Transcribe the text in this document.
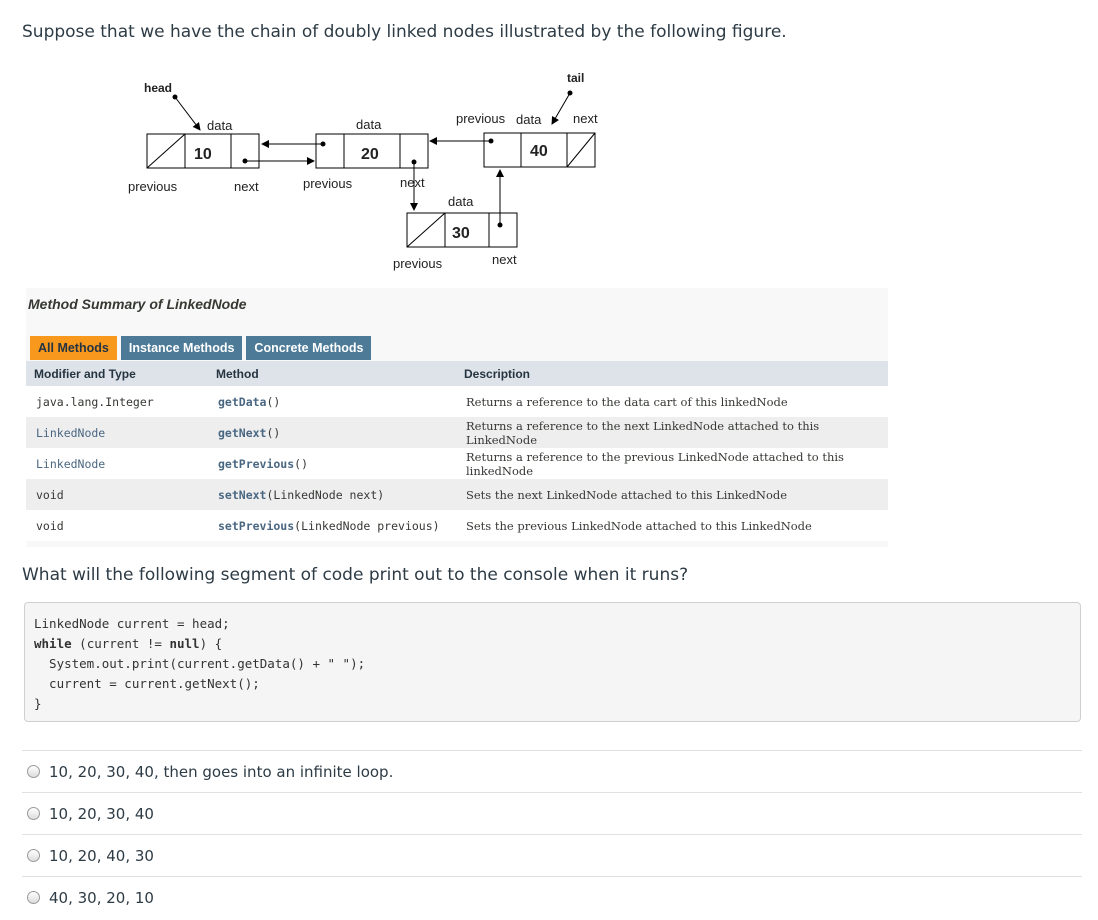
Suppose that we have the chain of doubly linked nodes illustrated by the following figure.
head
10
data
previous	next
20
data
previous	next
30
data
previous	next
40
previous data next
tail
Method Summary of LinkedNode
All Methods	Instance Methods	Concrete Methods
Modifier and Type	Method	Description
java.lang.Integer	getData()	Returns a reference to the data cart of this linkedNode
LinkedNode	getNext()	Returns a reference to the next LinkedNode attached to this LinkedNode
LinkedNode	getPrevious()	Returns a reference to the previous LinkedNode attached to this linkedNode
void	setNext(LinkedNode next)	Sets the next LinkedNode attached to this LinkedNode
void	setPrevious(LinkedNode previous)	Sets the previous LinkedNode attached to this LinkedNode
What will the following segment of code print out to the console when it runs?
LinkedNode current = head;
while (current != null) {
System.out.print(current.getData() + " ");
current = current.getNext();
}
10, 20, 30, 40, then goes into an infinite loop.
10, 20, 30, 40
10, 20, 40, 30
40, 30, 20, 10
